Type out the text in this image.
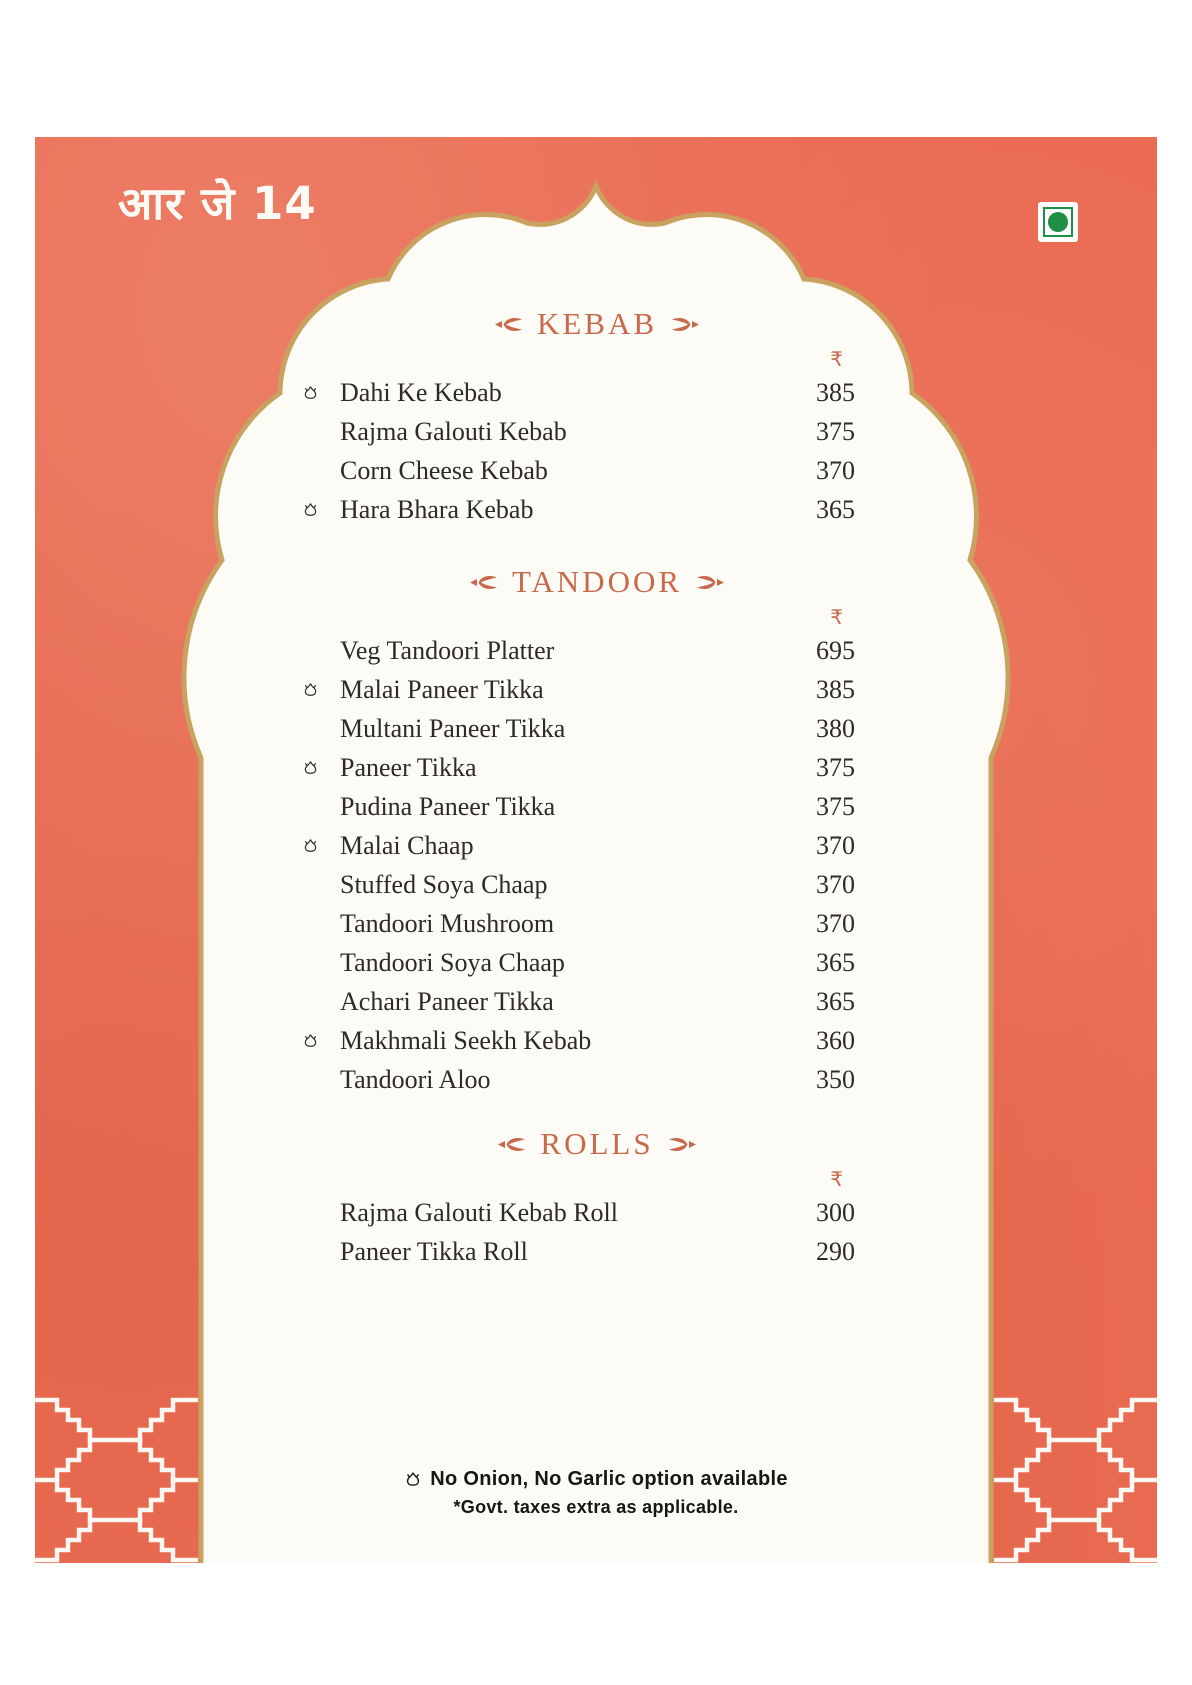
आर जे 14
KEBAB
₹
Dahi Ke Kebab	385
Rajma Galouti Kebab	375
Corn Cheese Kebab	370
Hara Bhara Kebab	365
TANDOOR
₹
Veg Tandoori Platter	695
Malai Paneer Tikka	385
Multani Paneer Tikka	380
Paneer Tikka	375
Pudina Paneer Tikka	375
Malai Chaap	370
Stuffed Soya Chaap	370
Tandoori Mushroom	370
Tandoori Soya Chaap	365
Achari Paneer Tikka	365
Makhmali Seekh Kebab	360
Tandoori Aloo	350
ROLLS
₹
Rajma Galouti Kebab Roll	300
Paneer Tikka Roll	290
No Onion, No Garlic option available
*Govt. taxes extra as applicable.
